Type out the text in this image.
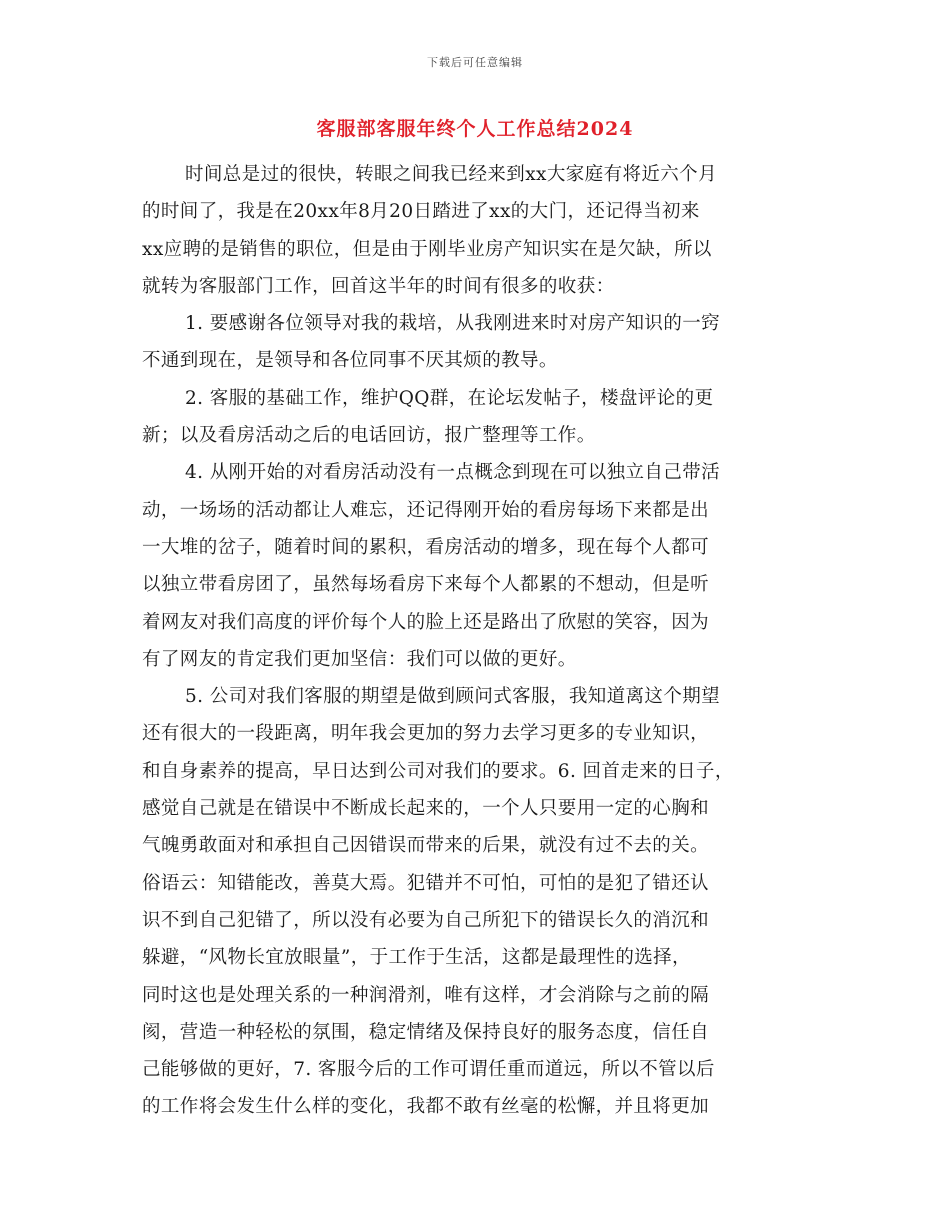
下载后可任意编辑
客服部客服年终个人工作总结2024
时间总是过的很快，转眼之间我已经来到xx大家庭有将近六个月
的时间了，我是在20xx年8月20日踏进了xx的大门，还记得当初来
xx应聘的是销售的职位，但是由于刚毕业房产知识实在是欠缺，所以
就转为客服部门工作，回首这半年的时间有很多的收获：
1. 要感谢各位领导对我的栽培，从我刚进来时对房产知识的一窍
不通到现在，是领导和各位同事不厌其烦的教导。
2. 客服的基础工作，维护QQ群，在论坛发帖子，楼盘评论的更
新；以及看房活动之后的电话回访，报广整理等工作。
4. 从刚开始的对看房活动没有一点概念到现在可以独立自己带活
动，一场场的活动都让人难忘，还记得刚开始的看房每场下来都是出
一大堆的岔子，随着时间的累积，看房活动的增多，现在每个人都可
以独立带看房团了，虽然每场看房下来每个人都累的不想动，但是听
着网友对我们高度的评价每个人的脸上还是路出了欣慰的笑容，因为
有了网友的肯定我们更加坚信：我们可以做的更好。
5. 公司对我们客服的期望是做到顾问式客服，我知道离这个期望
还有很大的一段距离，明年我会更加的努力去学习更多的专业知识，
和自身素养的提高，早日达到公司对我们的要求。6. 回首走来的日子，
感觉自己就是在错误中不断成长起来的，一个人只要用一定的心胸和
气魄勇敢面对和承担自己因错误而带来的后果，就没有过不去的关。
俗语云：知错能改，善莫大焉。犯错并不可怕，可怕的是犯了错还认
识不到自己犯错了，所以没有必要为自己所犯下的错误长久的消沉和
躲避，“风物长宜放眼量”，于工作于生活，这都是最理性的选择，
同时这也是处理关系的一种润滑剂，唯有这样，才会消除与之前的隔
阂，营造一种轻松的氛围，稳定情绪及保持良好的服务态度，信任自
己能够做的更好，7. 客服今后的工作可谓任重而道远，所以不管以后
的工作将会发生什么样的变化，我都不敢有丝毫的松懈，并且将更加
